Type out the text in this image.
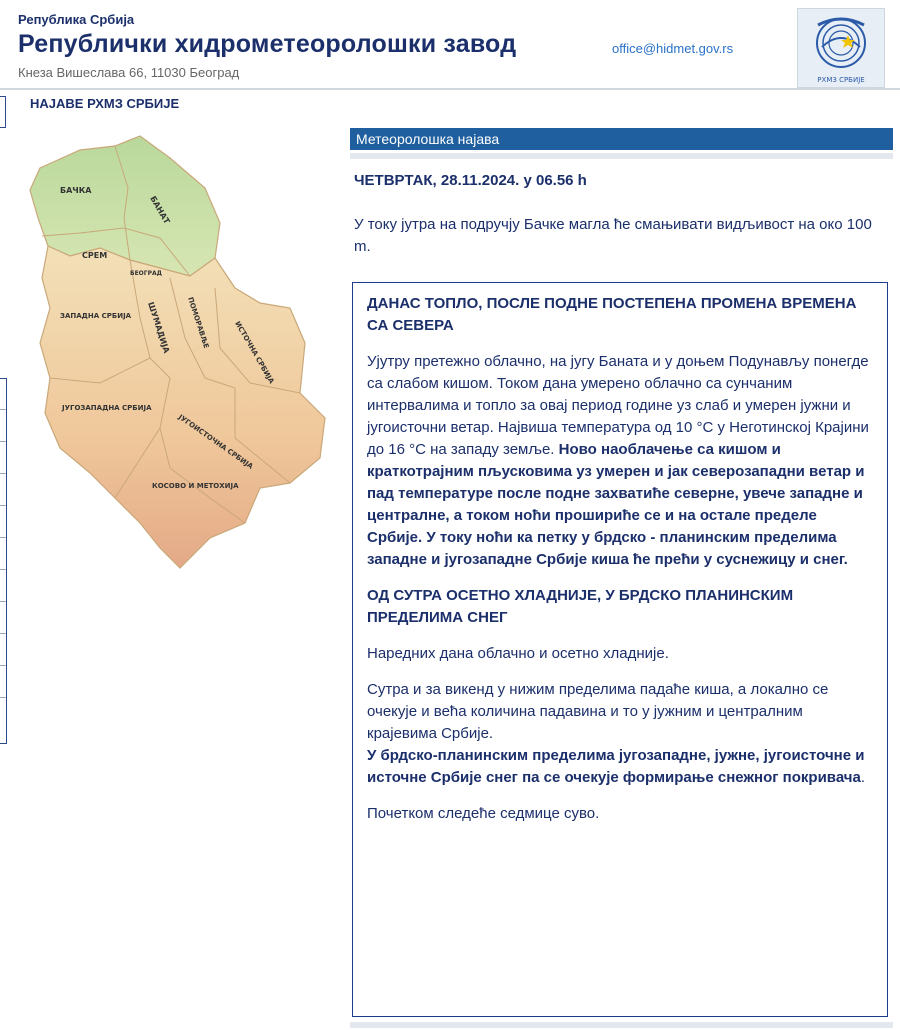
Република Србија
Републички хидрометеоролошки завод
Кнеза Вишеслава 66, 11030 Београд
office@hidmet.gov.rs
РХМЗ СРБИЈЕ
НАЈАВЕ РХМЗ СРБИЈЕ
БАЧКА
БАНАТ
СРЕМ
БЕОГРАД
ЗАПАДНА СРБИЈА ШУМАДИЈА ПОМОРАВЉЕ	ИСТОЧНА СРБИЈА
ЈУГОЗАПАДНА СРБИЈА
ЈУГОИСТОЧНА СРБИЈА
КОСОВО И МЕТОХИЈА
Метеоролошка најава
ЧЕТВРТАК, 28.11.2024. у 06.56 h
У току јутра на подручју Бачке магла ће смањивати видљивост на око 100 m.
ДАНАС ТОПЛО, ПОСЛЕ ПОДНЕ ПОСТЕПЕНА ПРОМЕНА ВРЕМЕНА СА СЕВЕРА

Ујутру претежно облачно, на југу Баната и у доњем Подунављу понегде са слабом кишом. Током дана умерено облачно са сунчаним интервалима и топло за овај период године уз слаб и умерен јужни и југоисточни ветар. Највиша температура од 10 °C у Неготинској Крајини до 16 °C на западу земље. Ново наоблачење са кишом и краткотрајним пљусковима уз умерен и јак северозападни ветар и пад температуре после подне захватиће северне, увече западне и централне, а током ноћи прошириће се и на остале пределе Србије. У току ноћи ка петку у брдско - планинским пределима западне и југозападне Србије киша ће прећи у суснежицу и снег.

ОД СУТРА ОСЕТНО ХЛАДНИЈЕ, У БРДСКО ПЛАНИНСКИМ ПРЕДЕЛИМА СНЕГ

Наредних дана облачно и осетно хладније.

Сутра и за викенд у нижим пределима падаће киша, а локално се очекује и већа количина падавина и то у јужним и централним крајевима Србије.
У брдско-планинским пределима југозападне, јужне, југоисточне и источне Србије снег па се очекује формирање снежног покривача.

Почетком следеће седмице суво.
